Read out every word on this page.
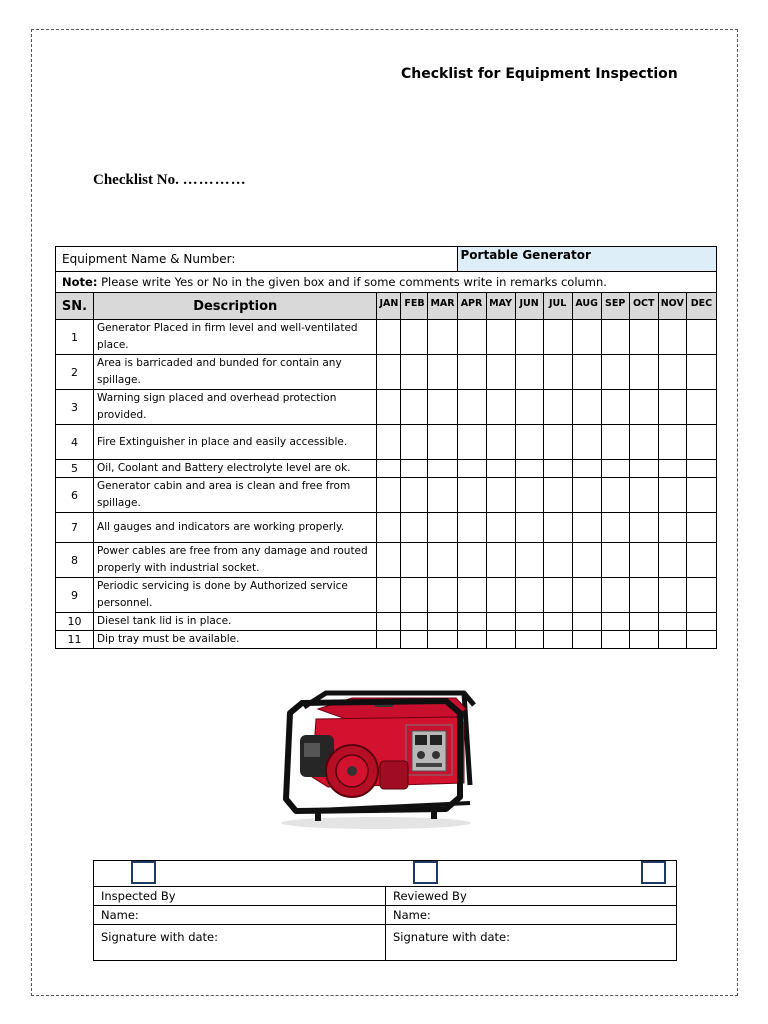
Checklist for Equipment Inspection
Checklist No. …………
Equipment Name & Number:					Portable Generator								
Note: Please write Yes or No in the given box and if some comments write in remarks column.													
SN.	Description	JAN	FEB	MAR	APR	MAY	JUN	JUL	AUG	SEP	OCT	NOV	DEC
1	Generator Placed in firm level and well-ventilated place.												
2	Area is barricaded and bunded for contain any spillage.												
3	Warning sign placed and overhead protection provided.												
4	Fire Extinguisher in place and easily accessible.												
5	Oil, Coolant and Battery electrolyte level are ok.												
6	Generator cabin and area is clean and free from spillage.												
7	All gauges and indicators are working properly.												
8	Power cables are free from any damage and routed properly with industrial socket.												
9	Periodic servicing is done by Authorized service personnel.												
10	Diesel tank lid is in place.												
11	Dip tray must be available.												

Inspected By	Reviewed By
Name:	Name:
Signature with date:	Signature with date:
